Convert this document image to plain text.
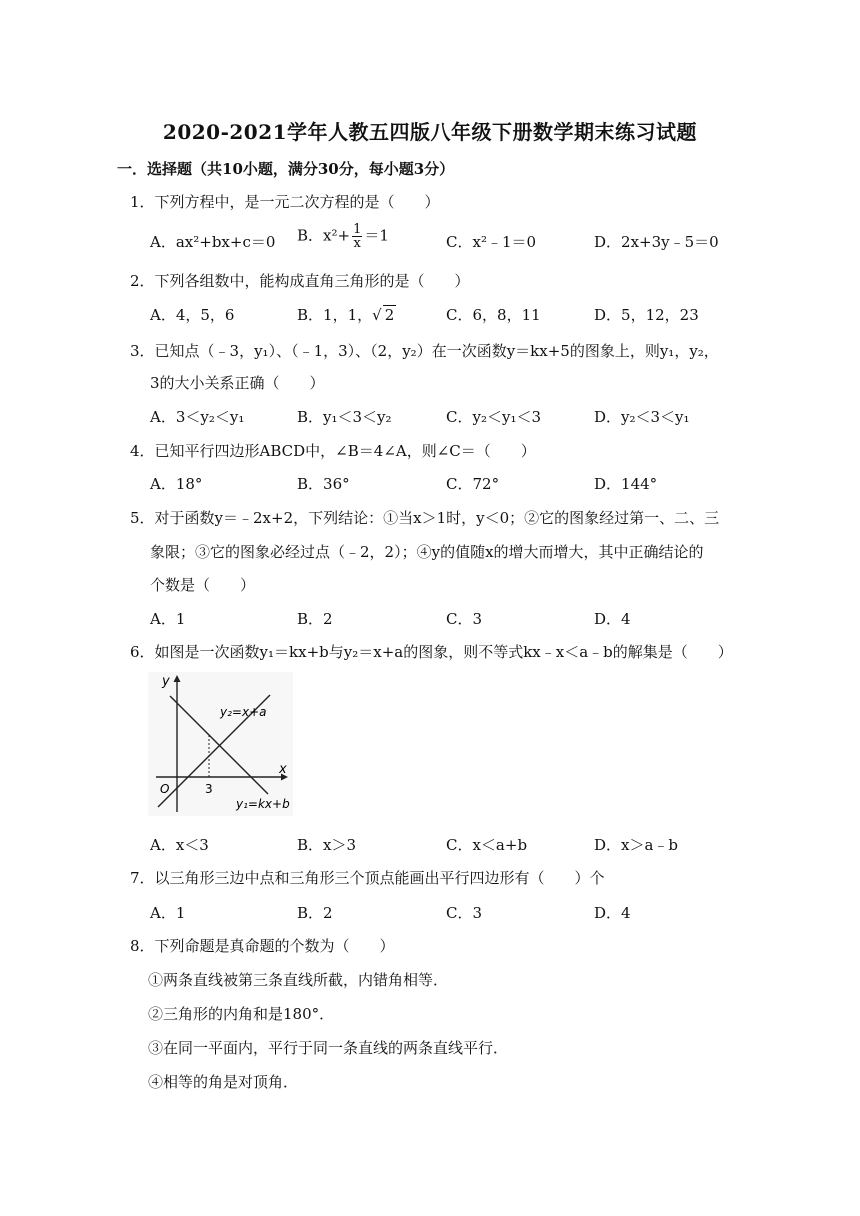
2020-2021学年人教五四版八年级下册数学期末练习试题
一．选择题（共10小题，满分30分，每小题3分）
1．下列方程中，是一元二次方程的是（　　）
A．ax²+bx+c＝0 B．$x^2+ \frac{1}{x} =1$	C．x²﹣1＝0	D．2x+3y﹣5＝0
2．下列各组数中，能构成直角三角形的是（　　）
A．4，5，6	B．1，1，√ 2	C．6，8，11	D．5，12，23
3．已知点（﹣3，y₁）、（﹣1，3）、（2，y₂）在一次函数y＝kx+5的图象上，则y₁，y₂，
3的大小关系正确（　　）
A．3＜y₂＜y₁	B．y₁＜3＜y₂	C．y₂＜y₁＜3	D．y₂＜3＜y₁
4．已知平行四边形ABCD中，∠B＝4∠A，则∠C＝（　　）
A．18°	B．36°	C．72°	D．144°
5．对于函数y＝﹣2x+2，下列结论：①当x＞1时，y＜0；②它的图象经过第一、二、三
象限；③它的图象必经过点（﹣2，2）；④y的值随x的增大而增大，其中正确结论的
个数是（　　）
A．1	B．2	C．3	D．4
6．如图是一次函数y₁＝kx+b与y₂＝x+a的图象，则不等式kx﹣x＜a﹣b的解集是（　　）
y
x
O	3
y₂=x+a
y₁=kx+b
A．x＜3	B．x＞3	C．x＜a+b	D．x＞a﹣b
7．以三角形三边中点和三角形三个顶点能画出平行四边形有（　　）个
A．1	B．2	C．3	D．4
8．下列命题是真命题的个数为（　　）
①两条直线被第三条直线所截，内错角相等．
②三角形的内角和是180°．
③在同一平面内，平行于同一条直线的两条直线平行．
④相等的角是对顶角．
